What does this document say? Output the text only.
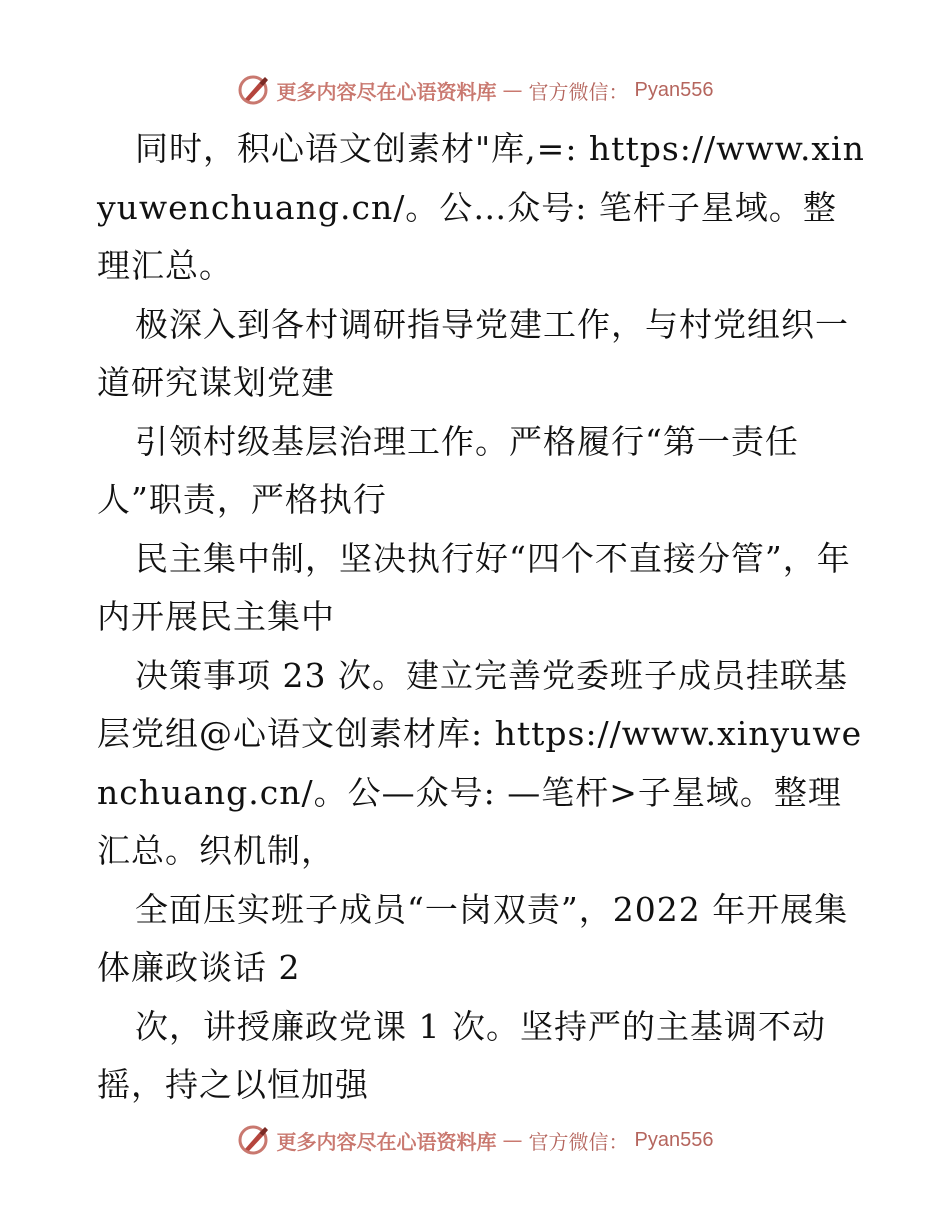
更多内容尽在心语资料库 — 官方微信： Pyan556

同时，积心语文创素材"库,=: https://www.xinyuwenchuang.cn/。公…众号: 笔杆子星域。整理汇总。

极深入到各村调研指导党建工作，与村党组织一道研究谋划党建

引领村级基层治理工作。严格履行“第一责任人”职责，严格执行

民主集中制，坚决执行好“四个不直接分管”，年内开展民主集中

决策事项 23 次。建立完善党委班子成员挂联基层党组@心语文创素材库: https://www.xinyuwenchuang.cn/。公—众号: —笔杆>子星域。整理汇总。织机制，

全面压实班子成员“一岗双责”，2022 年开展集体廉政谈话 2

次，讲授廉政党课 1 次。坚持严的主基调不动摇，持之以恒加强

更多内容尽在心语资料库 — 官方微信： Pyan556
